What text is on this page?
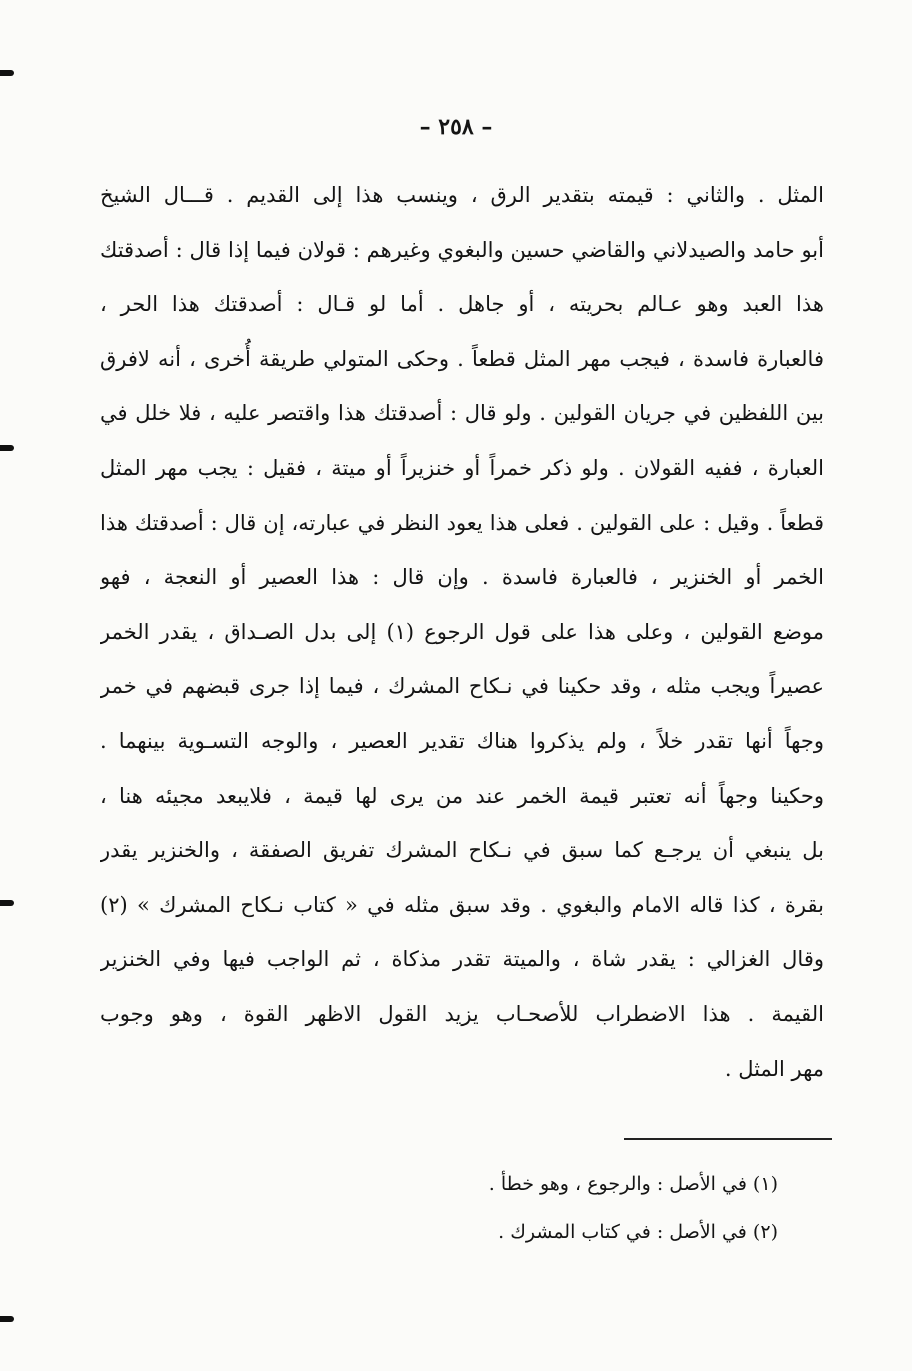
– ٢٥٨ –
المثل . والثاني : قيمته بتقدير الرق ، وينسب هذا إلى القديم . قـــال الشيخ
أبو حامد والصيدلاني والقاضي حسين والبغوي وغيرهم : قولان فيما إذا قال : أصدقتك
هذا العبد وهو عـالم بحريته ، أو جاهل . أما لو قـال : أصدقتك هذا الحر ،
فالعبارة فاسدة ، فيجب مهر المثل قطعاً . وحكى المتولي طريقة أُخرى ، أنه لافرق
بين اللفظين في جريان القولين . ولو قال : أصدقتك هذا واقتصر عليه ، فلا خلل في
العبارة ، ففيه القولان . ولو ذكر خمراً أو خنزيراً أو ميتة ، فقيل : يجب مهر المثل
قطعاً . وقيل : على القولين . فعلى هذا يعود النظر في عبارته، إن قال : أصدقتك هذا
الخمر أو الخنزير ، فالعبارة فاسدة . وإن قال : هذا العصير أو النعجة ، فهو
موضع القولين ، وعلى هذا على قول الرجوع (١) إلى بدل الصـداق ، يقدر الخمر
عصيراً ويجب مثله ، وقد حكينا في نـكاح المشرك ، فيما إذا جرى قبضهم في خمر
وجهاً أنها تقدر خلاً ، ولم يذكروا هناك تقدير العصير ، والوجه التسـوية بينهما .
وحكينا وجهاً أنه تعتبر قيمة الخمر عند من يرى لها قيمة ، فلايبعد مجيئه هنا ،
بل ينبغي أن يرجـع كما سبق في نـكاح المشرك تفريق الصفقة ، والخنزير يقدر
بقرة ، كذا قاله الامام والبغوي . وقد سبق مثله في « كتاب نـكاح المشرك » (٢)
وقال الغزالي : يقدر شاة ، والميتة تقدر مذكاة ، ثم الواجب فيها وفي الخنزير
القيمة . هذا الاضطراب للأصحـاب يزيد القول الاظهر القوة ، وهو وجوب
مهر المثل .
(١) في الأصل : والرجوع ، وهو خطأ .
(٢) في الأصل : في كتاب المشرك .
